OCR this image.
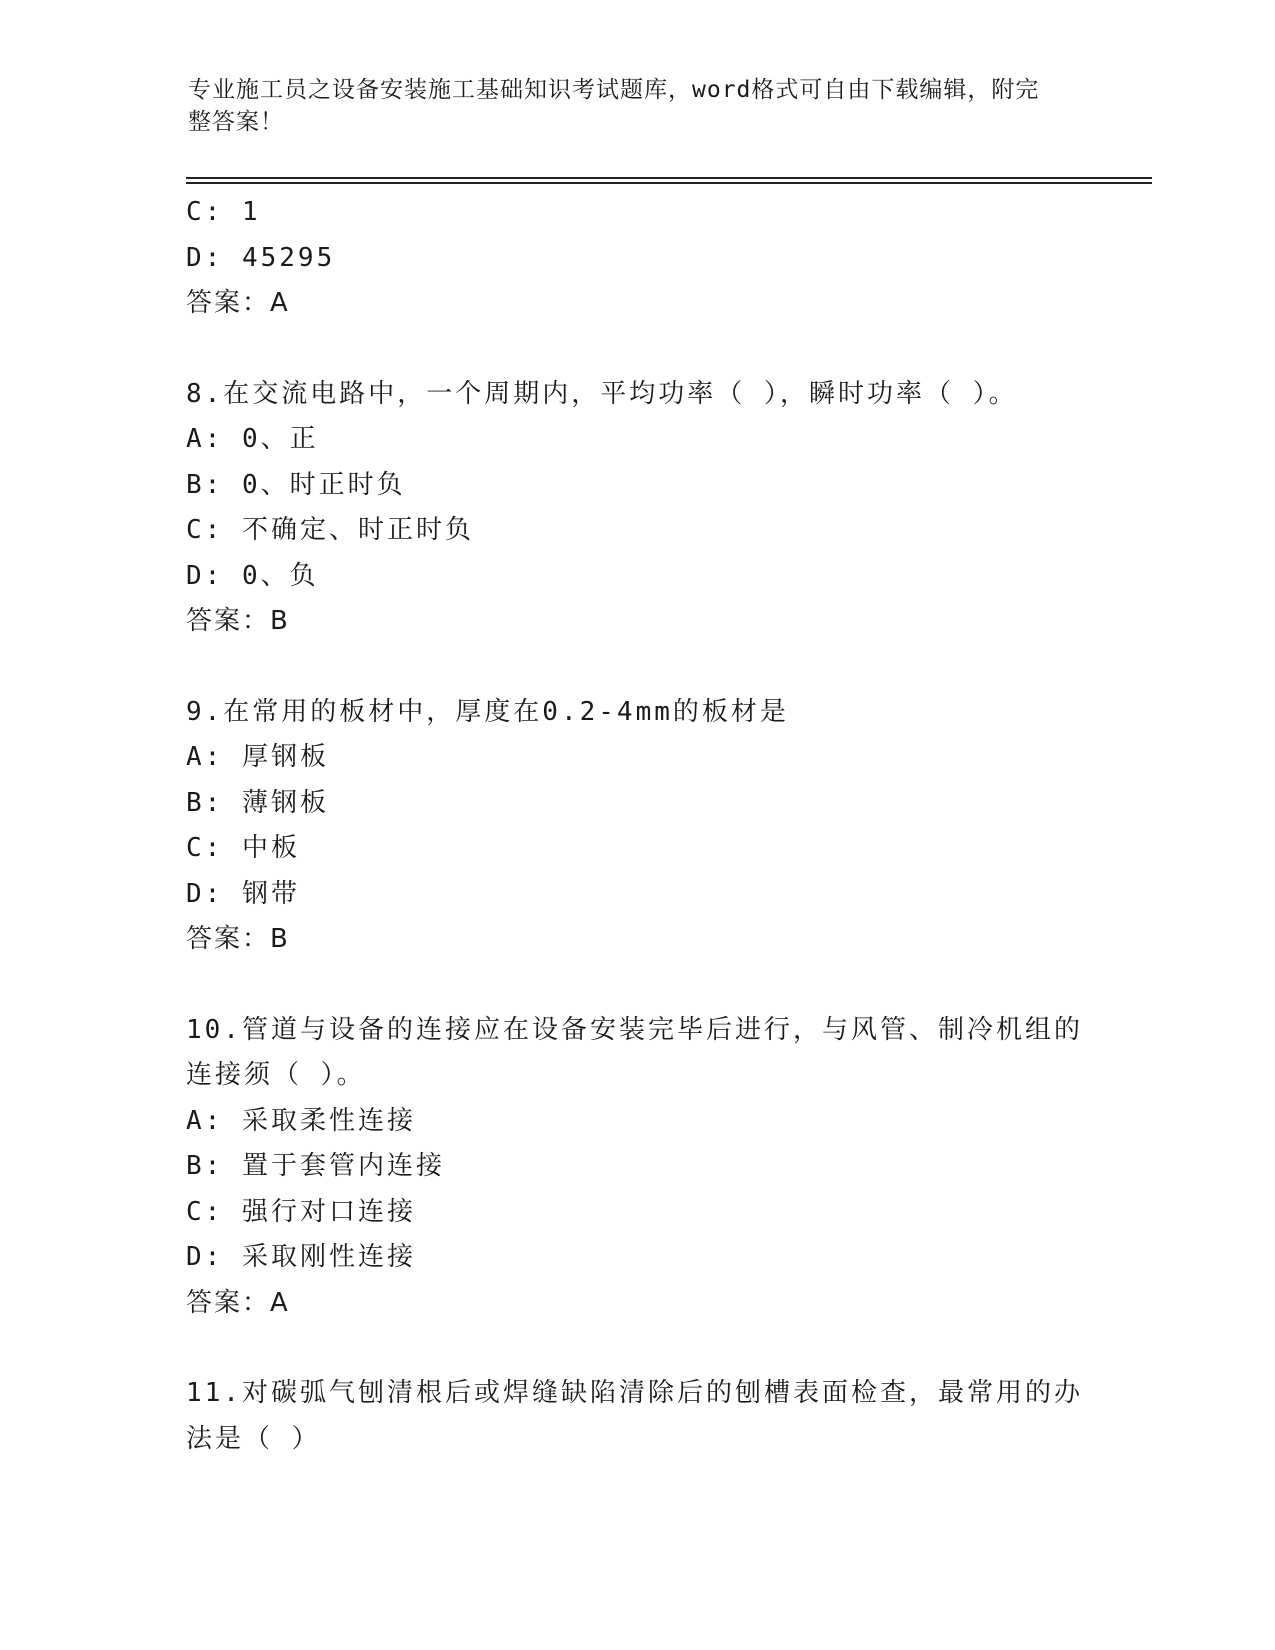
专业施工员之设备安装施工基础知识考试题库，word格式可自由下载编辑，附完
整答案！
C: 1
D: 45295
答案：A
8.在交流电路中，一个周期内，平均功率（ ），瞬时功率（ ）。
A: 0、正
B: 0、时正时负
C: 不确定、时正时负
D: 0、负
答案：B
9.在常用的板材中，厚度在0.2-4mm的板材是
A: 厚钢板
B: 薄钢板
C: 中板
D: 钢带
答案：B
10.管道与设备的连接应在设备安装完毕后进行，与风管、制冷机组的
连接须（ ）。
A: 采取柔性连接
B: 置于套管内连接
C: 强行对口连接
D: 采取刚性连接
答案：A
11.对碳弧气刨清根后或焊缝缺陷清除后的刨槽表面检查，最常用的办
法是（ ）
